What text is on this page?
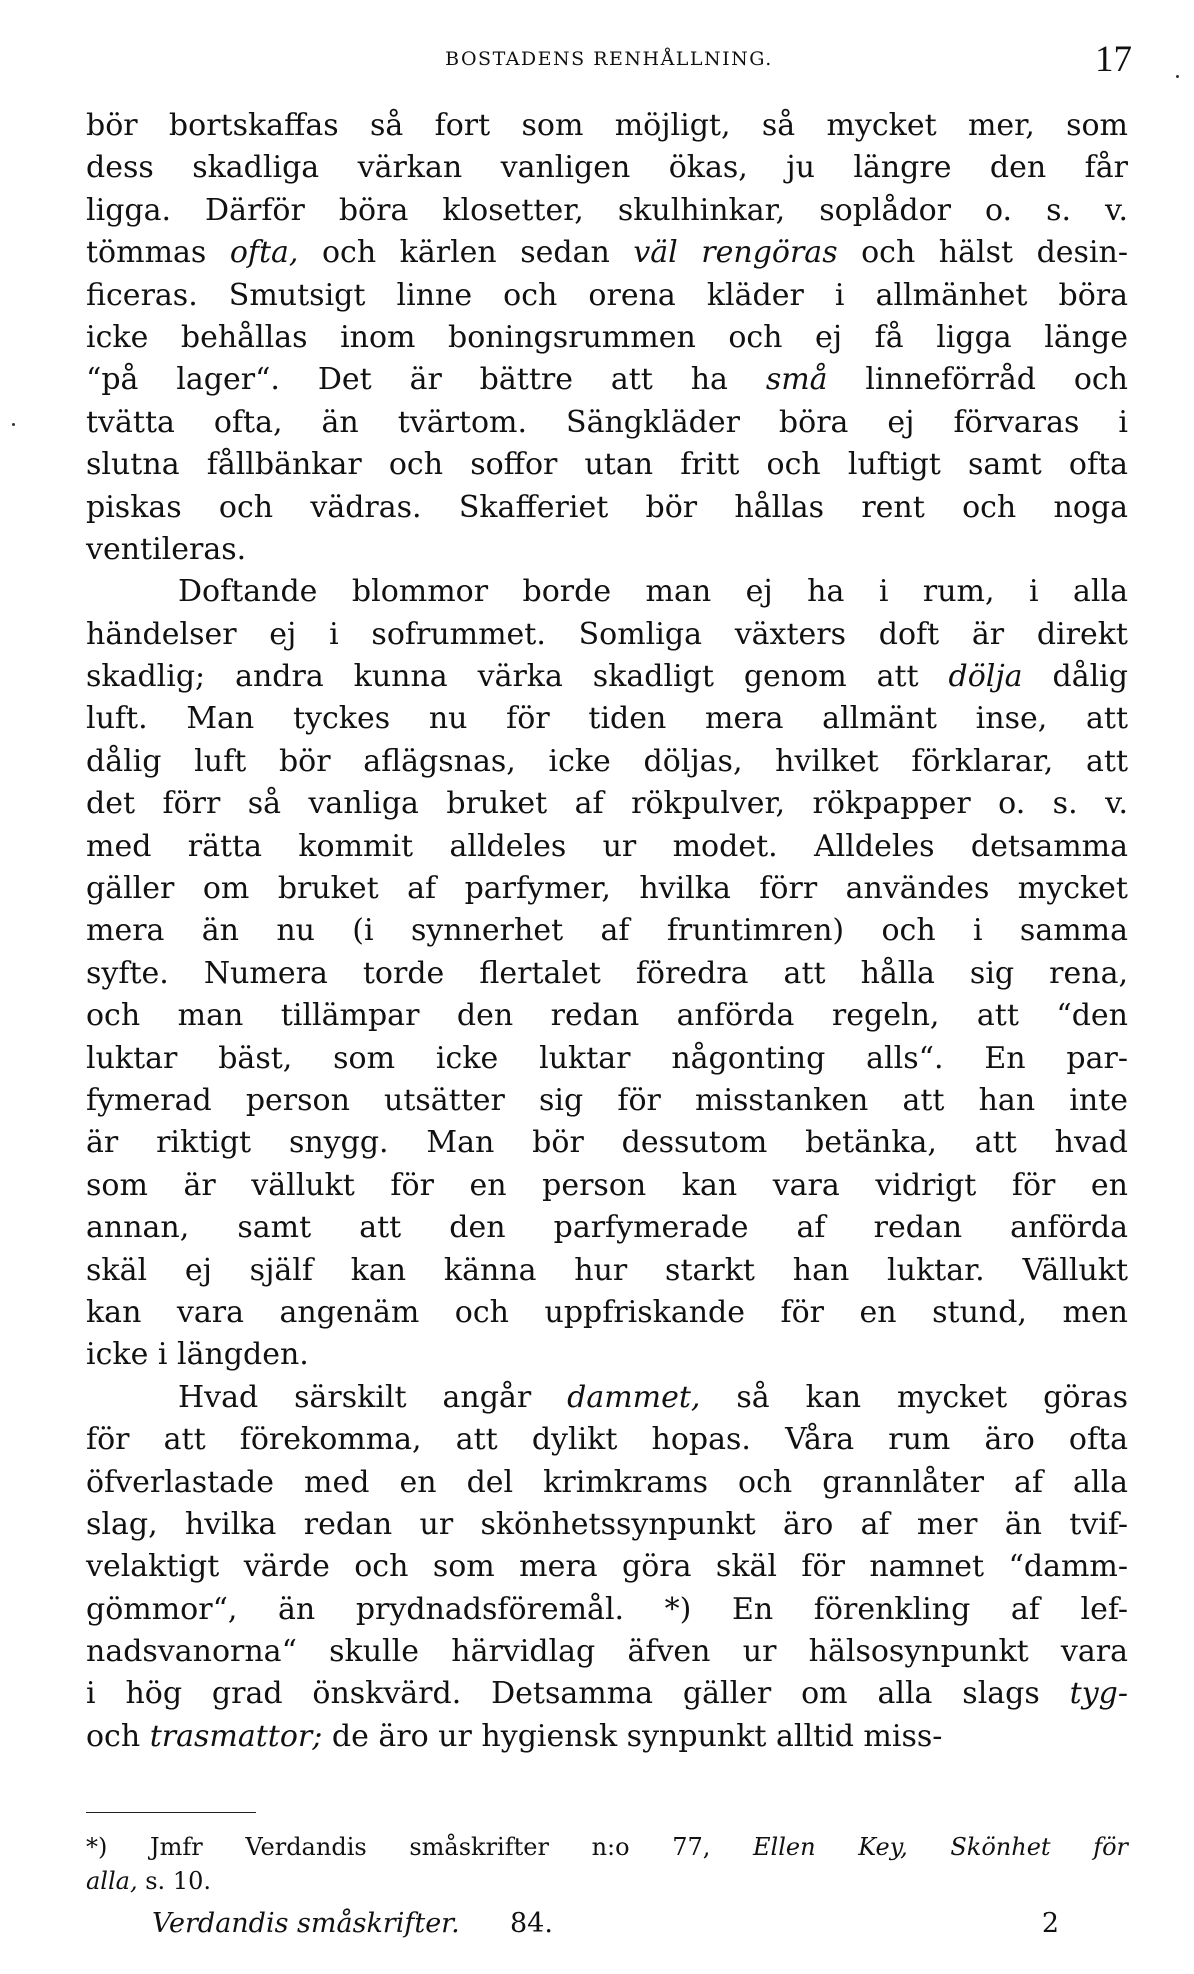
BOSTADENS RENHÅLLNING.	17
bör bortskaffas så fort som möjligt, så mycket mer, som
dess skadliga värkan vanligen ökas, ju längre den får
ligga. Därför böra klosetter, skulhinkar, soplådor o. s. v.
tömmas ofta, och kärlen sedan väl rengöras och hälst desin-
ficeras. Smutsigt linne och orena kläder i allmänhet böra
icke behållas inom boningsrummen och ej få ligga länge
“på lager“. Det är bättre att ha små linneförråd och
tvätta ofta, än tvärtom. Sängkläder böra ej förvaras i
slutna fållbänkar och soffor utan fritt och luftigt samt ofta
piskas och vädras. Skafferiet bör hållas rent och noga
ventileras.
Doftande blommor borde man ej ha i rum, i alla
händelser ej i sofrummet. Somliga växters doft är direkt
skadlig; andra kunna värka skadligt genom att dölja dålig
luft. Man tyckes nu för tiden mera allmänt inse, att
dålig luft bör aflägsnas, icke döljas, hvilket förklarar, att
det förr så vanliga bruket af rökpulver, rökpapper o. s. v.
med rätta kommit alldeles ur modet. Alldeles detsamma
gäller om bruket af parfymer, hvilka förr användes mycket
mera än nu (i synnerhet af fruntimren) och i samma
syfte. Numera torde flertalet föredra att hålla sig rena,
och man tillämpar den redan anförda regeln, att “den
luktar bäst, som icke luktar någonting alls“. En par-
fymerad person utsätter sig för misstanken att han inte
är riktigt snygg. Man bör dessutom betänka, att hvad
som är vällukt för en person kan vara vidrigt för en
annan, samt att den parfymerade af redan anförda
skäl ej själf kan känna hur starkt han luktar. Vällukt
kan vara angenäm och uppfriskande för en stund, men
icke i längden.
Hvad särskilt angår dammet, så kan mycket göras
för att förekomma, att dylikt hopas. Våra rum äro ofta
öfverlastade med en del krimkrams och grannlåter af alla
slag, hvilka redan ur skönhetssynpunkt äro af mer än tvif-
velaktigt värde och som mera göra skäl för namnet “damm-
gömmor“, än prydnadsföremål. *) En förenkling af lef-
nadsvanorna“ skulle härvidlag äfven ur hälsosynpunkt vara
i hög grad önskvärd. Detsamma gäller om alla slags tyg-
och trasmattor; de äro ur hygiensk synpunkt alltid miss-
*) Jmfr Verdandis småskrifter n:o 77, Ellen Key, Skönhet för
alla, s. 10.
Verdandis småskrifter. 84.	2
